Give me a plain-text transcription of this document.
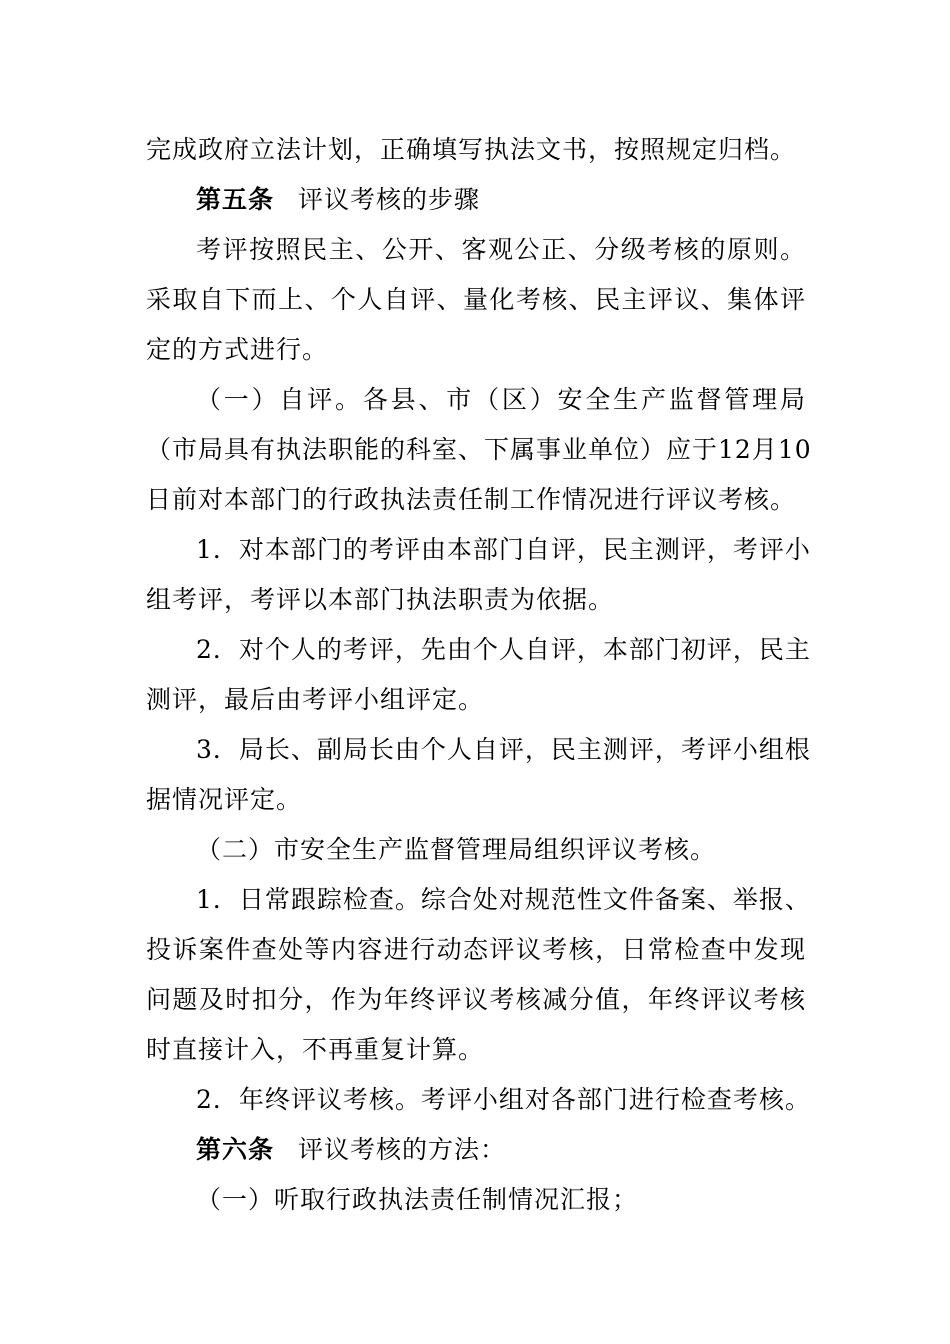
完成政府立法计划，正确填写执法文书，按照规定归档。
第五条 评议考核的步骤
考评按照民主、公开、客观公正、分级考核的原则。
采取自下而上、个人自评、量化考核、民主评议、集体评
定的方式进行。
（一）自评。各县、市（区）安全生产监督管理局
（市局具有执法职能的科室、下属事业单位）应于12月10
日前对本部门的行政执法责任制工作情况进行评议考核。
1．对本部门的考评由本部门自评，民主测评，考评小
组考评，考评以本部门执法职责为依据。
2．对个人的考评，先由个人自评，本部门初评，民主
测评，最后由考评小组评定。
3．局长、副局长由个人自评，民主测评，考评小组根
据情况评定。
（二）市安全生产监督管理局组织评议考核。
1．日常跟踪检查。综合处对规范性文件备案、举报、
投诉案件查处等内容进行动态评议考核，日常检查中发现
问题及时扣分，作为年终评议考核减分值，年终评议考核
时直接计入，不再重复计算。
2．年终评议考核。考评小组对各部门进行检查考核。
第六条 评议考核的方法：
（一）听取行政执法责任制情况汇报；
